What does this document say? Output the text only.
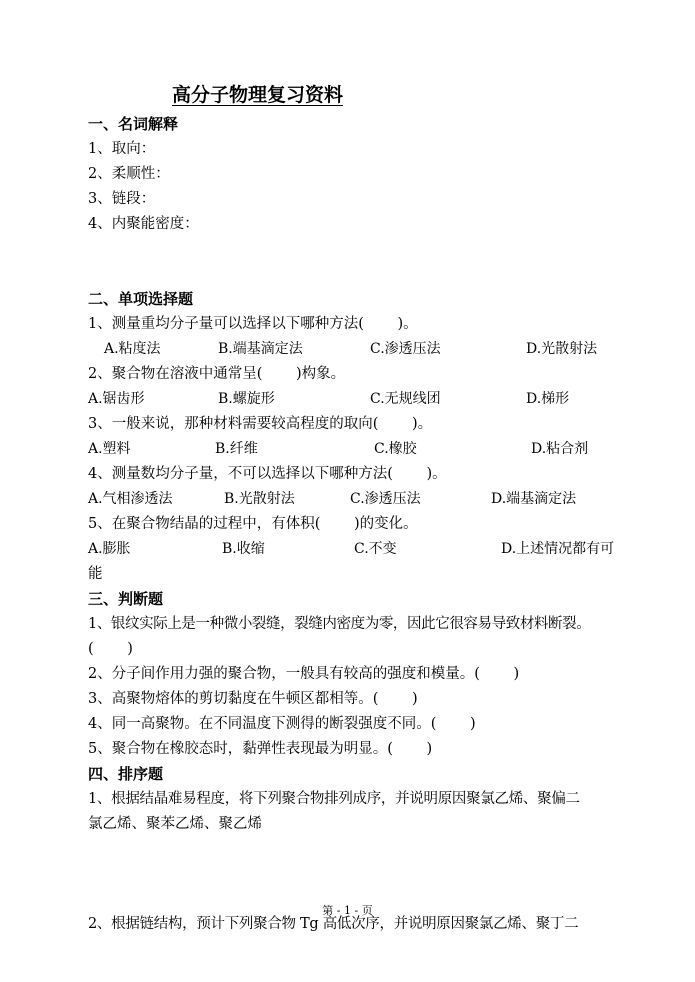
高分子物理复习资料
一、名词解释
1、取向：
2、柔顺性：
3、链段：
4、内聚能密度：
二、单项选择题
1、测量重均分子量可以选择以下哪种方法(　　 )。
A.粘度法	B.端基滴定法	C.渗透压法	D.光散射法
2、聚合物在溶液中通常呈(　　 )构象。
A.锯齿形	B.螺旋形	C.无规线团	D.梯形
3、一般来说，那种材料需要较高程度的取向(　　 )。
A.塑料	B.纤维	C.橡胶	D.粘合剂
4、测量数均分子量，不可以选择以下哪种方法(　　 )。
A.气相渗透法	B.光散射法	C.渗透压法	D.端基滴定法
5、在聚合物结晶的过程中，有体积(　　 )的变化。
A.膨胀	B.收缩	C.不变	D.上述情况都有可
能
三、判断题
1、银纹实际上是一种微小裂缝，裂缝内密度为零，因此它很容易导致材料断裂。
(　　 )
2、分子间作用力强的聚合物，一般具有较高的强度和模量。(　　 )
3、高聚物熔体的剪切黏度在牛顿区都相等。(　　 )
4、同一高聚物。在不同温度下测得的断裂强度不同。(　　 )
5、聚合物在橡胶态时，黏弹性表现最为明显。(　　 )
四、排序题
1、根据结晶难易程度，将下列聚合物排列成序，并说明原因聚氯乙烯、聚偏二
氯乙烯、聚苯乙烯、聚乙烯
2、根据链结构，预计下列聚合物 Tg 高低次序，并说明原因聚氯乙烯、聚丁二
第 - 1 - 页
